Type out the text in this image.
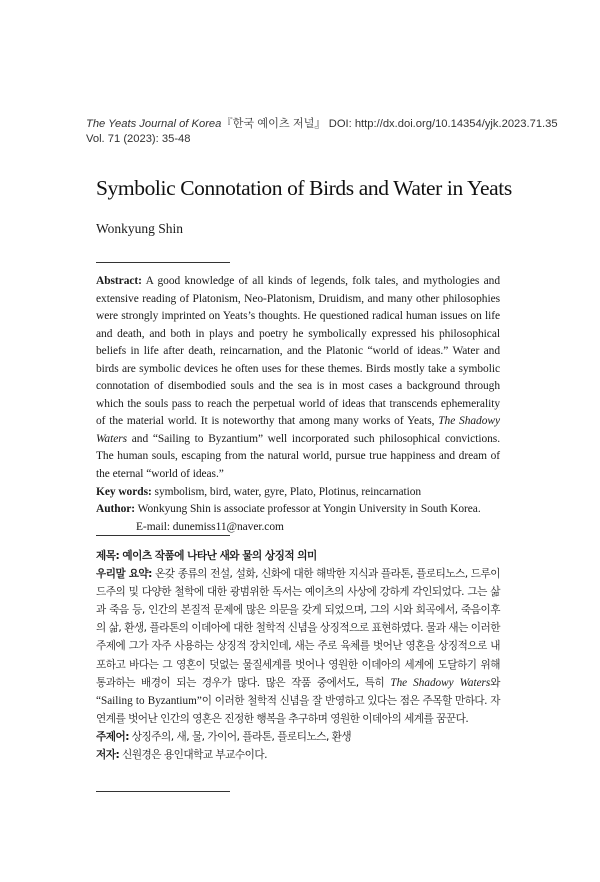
The Yeats Journal of Korea『한국 예이츠 저널』 DOI: http://dx.doi.org/10.14354/yjk.2023.71.35
Vol. 71 (2023): 35-48
Symbolic Connotation of Birds and Water in Yeats
Wonkyung Shin

Abstract: A good knowledge of all kinds of legends, folk tales, and mythologies and extensive reading of Platonism, Neo-Platonism, Druidism, and many other philosophies were strongly imprinted on Yeats’s thoughts. He questioned radical human issues on life and death, and both in plays and poetry he symbolically expressed his philosophical beliefs in life after death, reincarnation, and the Platonic “world of ideas.” Water and birds are symbolic devices he often uses for these themes. Birds mostly take a symbolic connotation of disembodied souls and the sea is in most cases a background through which the souls pass to reach the perpetual world of ideas that transcends ephemerality of the material world. It is noteworthy that among many works of Yeats, The Shadowy Waters and “Sailing to Byzantium” well incorporated such philosophical convictions. The human souls, escaping from the natural world, pursue true happiness and dream of the eternal “world of ideas.”

Key words: symbolism, bird, water, gyre, Plato, Plotinus, reincarnation

Author: Wonkyung Shin is associate professor at Yongin University in South Korea.

E-mail: dunemiss11@naver.com

제목: 예이츠 작품에 나타난 새와 물의 상징적 의미

우리말 요약: 온갖 종류의 전설, 설화, 신화에 대한 해박한 지식과 플라톤, 플로티노스, 드루이드주의 및 다양한 철학에 대한 광범위한 독서는 예이츠의 사상에 강하게 각인되었다. 그는 삶과 죽음 등, 인간의 본질적 문제에 많은 의문을 갖게 되었으며, 그의 시와 희곡에서, 죽음이후의 삶, 환생, 플라톤의 이데아에 대한 철학적 신념을 상징적으로 표현하였다. 물과 새는 이러한 주제에 그가 자주 사용하는 상징적 장치인데, 새는 주로 육체를 벗어난 영혼을 상징적으로 내포하고 바다는 그 영혼이 덧없는 물질세계를 벗어나 영원한 이데아의 세계에 도달하기 위해 통과하는 배경이 되는 경우가 많다. 많은 작품 중에서도, 특히 The Shadowy Waters와 “Sailing to Byzantium”이 이러한 철학적 신념을 잘 반영하고 있다는 점은 주목할 만하다. 자연계를 벗어난 인간의 영혼은 진정한 행복을 추구하며 영원한 이데아의 세계를 꿈꾼다.

주제어: 상징주의, 새, 물, 가이어, 플라톤, 플로티노스, 환생

저자: 신원경은 용인대학교 부교수이다.
